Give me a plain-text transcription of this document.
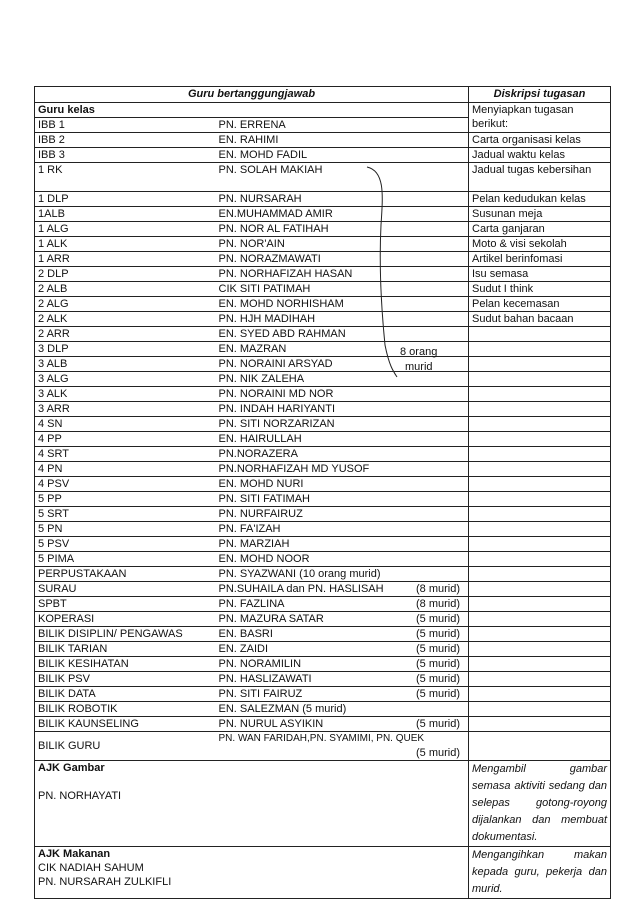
Guru bertanggungjawab		Diskripsi tugasan
Guru kelas		Menyiapkan tugasan berikut:
IBB 1	PN. ERRENA	

IBB 2	EN. RAHIMI	Carta organisasi kelas
IBB 3	EN. MOHD FADIL	Jadual waktu kelas
1 RK	PN. SOLAH MAKIAH	Jadual tugas kebersihan
1 DLP	PN. NURSARAH	Pelan kedudukan kelas
1ALB	EN.MUHAMMAD AMIR	Susunan meja
1 ALG	PN. NOR AL FATIHAH	Carta ganjaran
1 ALK	PN. NOR'AIN	Moto & visi sekolah
1 ARR	PN. NORAZMAWATI	Artikel berinfomasi
2 DLP	PN. NORHAFIZAH HASAN	Isu semasa
2 ALB	CIK SITI PATIMAH	Sudut I think
2 ALG	EN. MOHD NORHISHAM	Pelan kecemasan
2 ALK	PN. HJH MADIHAH	Sudut bahan bacaan
2 ARR	EN. SYED ABD RAHMAN	

3 DLP	EN. MAZRAN	

3 ALB	PN. NORAINI ARSYAD	

3 ALG	PN. NIK ZALEHA	

3 ALK	PN. NORAINI MD NOR	

3 ARR	PN. INDAH HARIYANTI	

4 SN	PN. SITI NORZARIZAN	

4 PP	EN. HAIRULLAH	

4 SRT	PN.NORAZERA	

4 PN	PN.NORHAFIZAH MD YUSOF	

4 PSV	EN. MOHD NURI	

5 PP	PN. SITI FATIMAH	

5 SRT	PN. NURFAIRUZ	

5 PN	PN. FA'IZAH	

5 PSV	PN. MARZIAH	

5 PIMA	EN. MOHD NOOR	

PERPUSTAKAAN	PN. SYAZWANI (10 orang murid)	

SURAU	PN.SUHAILA dan PN. HASLISAH (8 murid)	

SPBT	PN. FAZLINA (8 murid)	

KOPERASI	PN. MAZURA SATAR (5 murid)	

BILIK DISIPLIN/ PENGAWAS	EN. BASRI (5 murid)	

BILIK TARIAN	EN. ZAIDI (5 murid)	

BILIK KESIHATAN	PN. NORAMILIN (5 murid)	

BILIK PSV	PN. HASLIZAWATI (5 murid)	

BILIK DATA	PN. SITI FAIRUZ (5 murid)	

BILIK ROBOTIK	EN. SALEZMAN (5 murid)	

BILIK KAUNSELING	PN. NURUL ASYIKIN (5 murid)	

BILIK GURU	PN. WAN FARIDAH,PN. SYAMIMI, PN. QUEK
(5 murid)	

AJK Gambar
PN. NORHAYATI		Mengambil gambar semasa aktiviti sedang dan selepas gotong-royong dijalankan dan membuat dokumentasi.

AJK Makanan
CIK NADIAH SAHUM
PN. NURSARAH ZULKIFLI		Mengangihkan makan kepada guru, pekerja dan murid.
8 orang
murid
